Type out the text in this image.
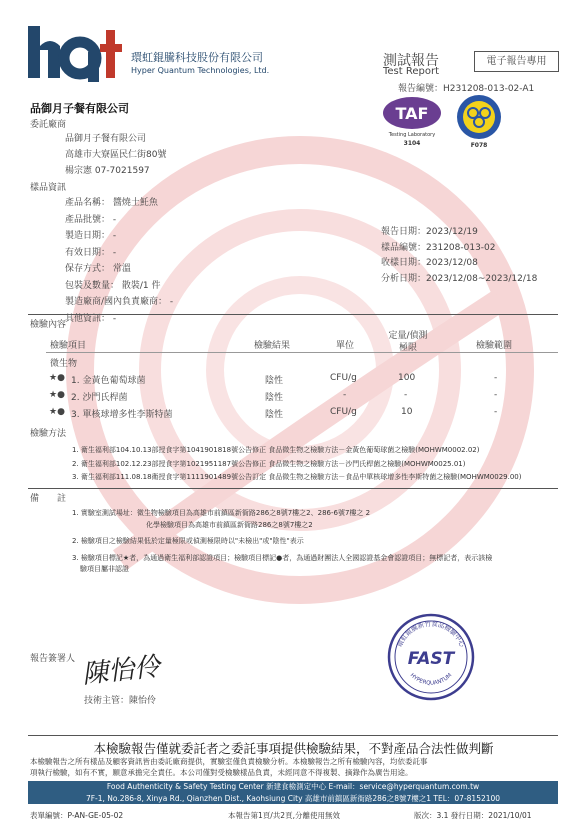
環虹錕騰科技股份有限公司
Hyper Quantum Technologies, Ltd.
測試報告
Test Report
電子報告專用
報告編號：H231208-013-02-A1
TAF
Testing Laboratory
3104	F078
品御月子餐有限公司
委託廠商
品御月子餐有限公司
高雄市大寮區民仁街80號
楊宗憲 07-7021597
樣品資訊
產品名稱： 醬燒土魠魚
產品批號： -
製造日期： -
有效日期： -
保存方式： 常溫
包裝及數量： 散裝/1 件
製造廠商/國內負責廠商： -
其他資訊： -
報告日期：2023/12/19
樣品編號：231208-013-02
收樣日期：2023/12/08
分析日期：2023/12/08~2023/12/18
檢驗內容
檢驗項目	檢驗結果	單位
定量/偵測
極限	檢驗範圍
微生物
★● 1. 金黃色葡萄球菌	陰性	CFU/g	100	-
★● 2. 沙門氏桿菌	陰性	-	-	-
★● 3. 單核球增多性李斯特菌	陰性	CFU/g	10	-
檢驗方法
1. 衛生福利部104.10.13部授食字第1041901818號公告修正 食品微生物之檢驗方法－金黃色葡萄球菌之檢驗(MOHWM0002.02)
2. 衛生福利部102.12.23部授食字第1021951187號公告修正 食品微生物之檢驗方法－沙門氏桿菌之檢驗(MOHWM0025.01)
3. 衛生福利部111.08.18衛授食字第1111901489號公告訂定 食品微生物之檢驗方法－食品中單核球增多性李斯特菌之檢驗(MOHWM0029.00)
備　　註
1. 實驗室測試場址：微生物檢驗項目為高雄市前鎮區新衙路286之8號7樓之2、286-6號7樓之 2
化學檢驗項目為高雄市前鎮區新衙路286之8號7樓之2
2. 檢驗項目之檢驗結果低於定量極限或偵測極限時以"未檢出"或"陰性"表示
3. 檢驗項目標記★者，為通過衛生福利部認證項目；檢驗項目標記●者，為通過財團法人全國認證基金會認證項目；無標記者，表示該檢
驗項目屬非認證
報告簽署人 陳怡伶
技術主管：陳怡伶
環虹錕騰新竹食品檢驗中心
FAST
HYPERQUANTUM
本檢驗報告僅就委託者之委託事項提供檢驗結果，不對產品合法性做判斷
本檢驗報告之所有樣品及顧客資訊皆由委託廠商提供，實驗室僅負責檢驗分析。本檢驗報告之所有檢驗內容，均依委託事
項執行檢驗，如有不實，願意承擔完全責任。本公司僅對受檢驗樣品負責，未經同意不得複製、摘錄作為廣告用途。
Food Authenticity & Safety Testing Center 新建食檢測定中心 E-mail：service@hyperquantum.com.tw
7F-1, No.286-8, Xinya Rd., Qianzhen Dist., Kaohsiung City 高雄市前鎮區新衙路286之8號7樓之1 TEL：07-8152100
表單編號：P-AN-GE-05-02	本報告第1頁/共2頁,分離使用無效	版次：3.1 發行日期：2021/10/01
